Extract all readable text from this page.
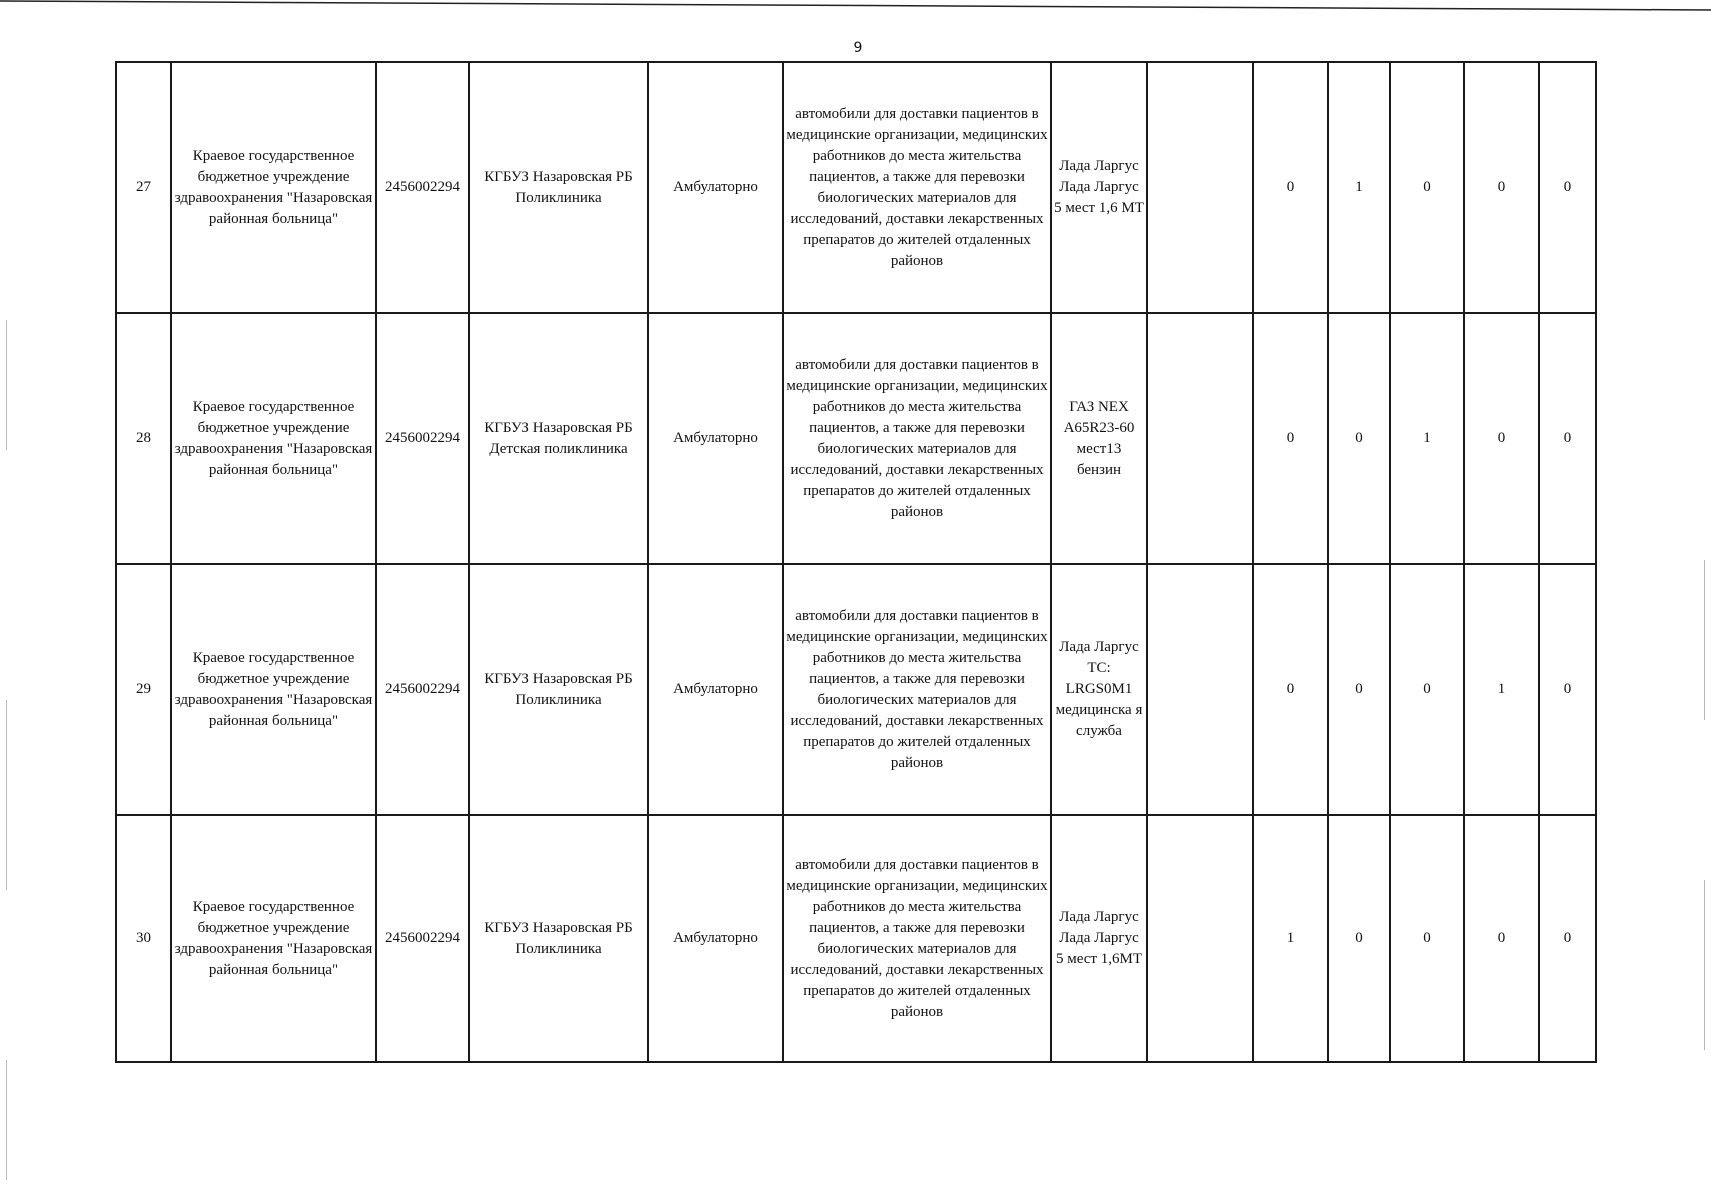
9
27	Краевое государственное бюджетное учреждение здравоохранения "Назаровская районная больница"	2456002294	КГБУЗ Назаровская РБ Поликлиника	Амбулаторно	автомобили для доставки пациентов в медицинские организации, медицинских работников до места жительства пациентов, а также для перевозки биологических материалов для исследований, доставки лекарственных препаратов до жителей отдаленных районов	Лада Ларгус Лада Ларгус 5 мест 1,6 МТ		0	1	0	0	0
28	Краевое государственное бюджетное учреждение здравоохранения "Назаровская районная больница"	2456002294	КГБУЗ Назаровская РБ Детская поликлиника	Амбулаторно	автомобили для доставки пациентов в медицинские организации, медицинских работников до места жительства пациентов, а также для перевозки биологических материалов для исследований, доставки лекарственных препаратов до жителей отдаленных районов	ГАЗ NEX А65R23-60 мест13 бензин		0	0	1	0	0
29	Краевое государственное бюджетное учреждение здравоохранения "Назаровская районная больница"	2456002294	КГБУЗ Назаровская РБ Поликлиника	Амбулаторно	автомобили для доставки пациентов в медицинские организации, медицинских работников до места жительства пациентов, а также для перевозки биологических материалов для исследований, доставки лекарственных препаратов до жителей отдаленных районов	Лада Ларгус ТС: LRGS0M1 медицинска я служба		0	0	0	1	0
30	Краевое государственное бюджетное учреждение здравоохранения "Назаровская районная больница"	2456002294	КГБУЗ Назаровская РБ Поликлиника	Амбулаторно	автомобили для доставки пациентов в медицинские организации, медицинских работников до места жительства пациентов, а также для перевозки биологических материалов для исследований, доставки лекарственных препаратов до жителей отдаленных районов	Лада Ларгус Лада Ларгус 5 мест 1,6МТ		1	0	0	0	0
